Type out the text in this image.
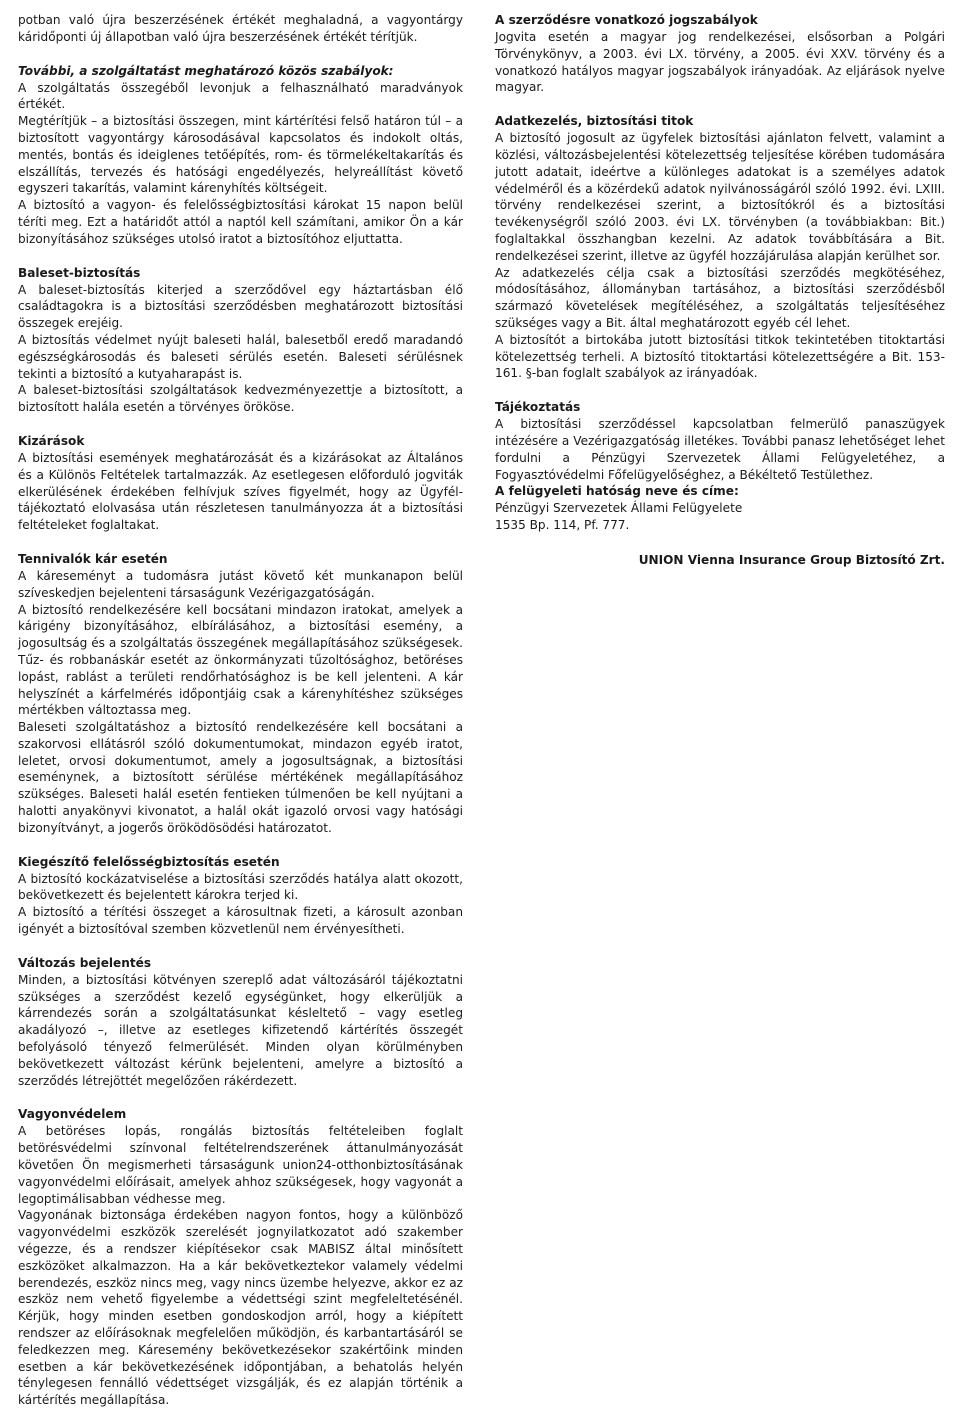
potban való újra beszerzésének értékét meghaladná, a vagyontárgy káridőponti új állapotban való újra beszerzésének értékét térítjük.

További, a szolgáltatást meghatározó közös szabályok:

A szolgáltatás összegéből levonjuk a felhasználható maradványok értékét.

Megtérítjük – a biztosítási összegen, mint kártérítési felső határon túl – a biztosított vagyontárgy károsodásával kapcsolatos és indokolt oltás, mentés, bontás és ideiglenes tetőépítés, rom- és törmelékeltakarítás és elszállítás, tervezés és hatósági engedélyezés, helyreállítást követő egyszeri takarítás, valamint kárenyhítés költségeit.

A biztosító a vagyon- és felelősségbiztosítási károkat 15 napon belül téríti meg. Ezt a határidőt attól a naptól kell számítani, amikor Ön a kár bizonyításához szükséges utolsó iratot a biztosítóhoz eljuttatta.

Baleset-biztosítás

A baleset-biztosítás kiterjed a szerződővel egy háztartásban élő családtagokra is a biztosítási szerződésben meghatározott biztosítási összegek erejéig.

A biztosítás védelmet nyújt baleseti halál, balesetből eredő maradandó egészségkárosodás és baleseti sérülés esetén. Baleseti sérülésnek tekinti a biztosító a kutyaharapást is.

A baleset-biztosítási szolgáltatások kedvezményezettje a biztosított, a biztosított halála esetén a törvényes örököse.

Kizárások

A biztosítási események meghatározását és a kizárásokat az Általános és a Különös Feltételek tartalmazzák. Az esetlegesen előforduló jogviták elkerülésének érdekében felhívjuk szíves figyelmét, hogy az Ügyfél-tájékoztató elolvasása után részletesen tanulmányozza át a biztosítási feltételeket foglaltakat.

Tennivalók kár esetén

A káreseményt a tudomásra jutást követő két munkanapon belül szíveskedjen bejelenteni társaságunk Vezérigazgatóságán.

A biztosító rendelkezésére kell bocsátani mindazon iratokat, amelyek a kárigény bizonyításához, elbírálásához, a biztosítási esemény, a jogosultság és a szolgáltatás összegének megállapításához szükségesek. Tűz- és robbanáskár esetét az önkormányzati tűzoltósághoz, betöréses lopást, rablást a területi rendőrhatósághoz is be kell jelenteni. A kár helyszínét a kárfelmérés időpontjáig csak a kárenyhítéshez szükséges mértékben változtassa meg.

Baleseti szolgáltatáshoz a biztosító rendelkezésére kell bocsátani a szakorvosi ellátásról szóló dokumentumokat, mindazon egyéb iratot, leletet, orvosi dokumentumot, amely a jogosultságnak, a biztosítási eseménynek, a biztosított sérülése mértékének megállapításához szükséges. Baleseti halál esetén fentieken túlmenően be kell nyújtani a halotti anyakönyvi kivonatot, a halál okát igazoló orvosi vagy hatósági bizonyítványt, a jogerős öröködösödési határozatot.

Kiegészítő felelősségbiztosítás esetén

A biztosító kockázatviselése a biztosítási szerződés hatálya alatt okozott, bekövetkezett és bejelentett károkra terjed ki.

A biztosító a térítési összeget a károsultnak fizeti, a károsult azonban igényét a biztosítóval szemben közvetlenül nem érvényesítheti.

Változás bejelentés

Minden, a biztosítási kötvényen szereplő adat változásáról tájékoztatni szükséges a szerződést kezelő egységünket, hogy elkerüljük a kárrendezés során a szolgáltatásunkat késleltető – vagy esetleg akadályozó –, illetve az esetleges kifizetendő kártérítés összegét befolyásoló tényező felmerülését. Minden olyan körülményben bekövetkezett változást kérünk bejelenteni, amelyre a biztosító a szerződés létrejöttét megelőzően rákérdezett.

Vagyonvédelem

A betöréses lopás, rongálás biztosítás feltételeiben foglalt betörésvédelmi színvonal feltételrendszerének áttanulmányozását követően Ön megismerheti társaságunk union24-otthonbiztosításának vagyonvédelmi előírásait, amelyek ahhoz szükségesek, hogy vagyonát a legoptimálisabban védhesse meg.

Vagyonának biztonsága érdekében nagyon fontos, hogy a különböző vagyonvédelmi eszközök szerelését jognyilatkozatot adó szakember végezze, és a rendszer kiépítésekor csak MABISZ által minősített eszközöket alkalmazzon. Ha a kár bekövetkeztekor valamely védelmi berendezés, eszköz nincs meg, vagy nincs üzembe helyezve, akkor ez az eszköz nem vehető figyelembe a védettségi szint megfeleltetésénél. Kérjük, hogy minden esetben gondoskodjon arról, hogy a kiépített rendszer az előírásoknak megfelelően működjön, és karbantartásáról se feledkezzen meg. Káresemény bekövetkezésekor szakértőink minden esetben a kár bekövetkezésének időpontjában, a behatolás helyén ténylegesen fennálló védettséget vizsgálják, és ez alapján történik a kártérítés megállapítása.

A szerződésre vonatkozó jogszabályok

Jogvita esetén a magyar jog rendelkezései, elsősorban a Polgári Törvénykönyv, a 2003. évi LX. törvény, a 2005. évi XXV. törvény és a vonatkozó hatályos magyar jogszabályok irányadóak. Az eljárások nyelve magyar.

Adatkezelés, biztosítási titok

A biztosító jogosult az ügyfelek biztosítási ajánlaton felvett, valamint a közlési, változásbejelentési kötelezettség teljesítése körében tudomására jutott adatait, ideértve a különleges adatokat is a személyes adatok védelméről és a közérdekű adatok nyilvánosságáról szóló 1992. évi. LXIII. törvény rendelkezései szerint, a biztosítókról és a biztosítási tevékenységről szóló 2003. évi LX. törvényben (a továbbiakban: Bit.) foglaltakkal összhangban kezelni. Az adatok továbbítására a Bit. rendelkezései szerint, illetve az ügyfél hozzájárulása alapján kerülhet sor.

Az adatkezelés célja csak a biztosítási szerződés megkötéséhez, módosításához, állományban tartásához, a biztosítási szerződésből származó követelések megítéléséhez, a szolgáltatás teljesítéséhez szükséges vagy a Bit. által meghatározott egyéb cél lehet.

A biztosítót a birtokába jutott biztosítási titkok tekintetében titoktartási kötelezettség terheli. A biztosító titoktartási kötelezettségére a Bit. 153-161. §-ban foglalt szabályok az irányadóak.

Tájékoztatás

A biztosítási szerződéssel kapcsolatban felmerülő panaszügyek intézésére a Vezérigazgatóság illetékes. További panasz lehetőséget lehet fordulni a Pénzügyi Szervezetek Állami Felügyeletéhez, a Fogyasztóvédelmi Főfelügyelőséghez, a Békéltető Testülethez.

A felügyeleti hatóság neve és címe:

Pénzügyi Szervezetek Állami Felügyelete

1535 Bp. 114, Pf. 777.

UNION Vienna Insurance Group Biztosító Zrt.
